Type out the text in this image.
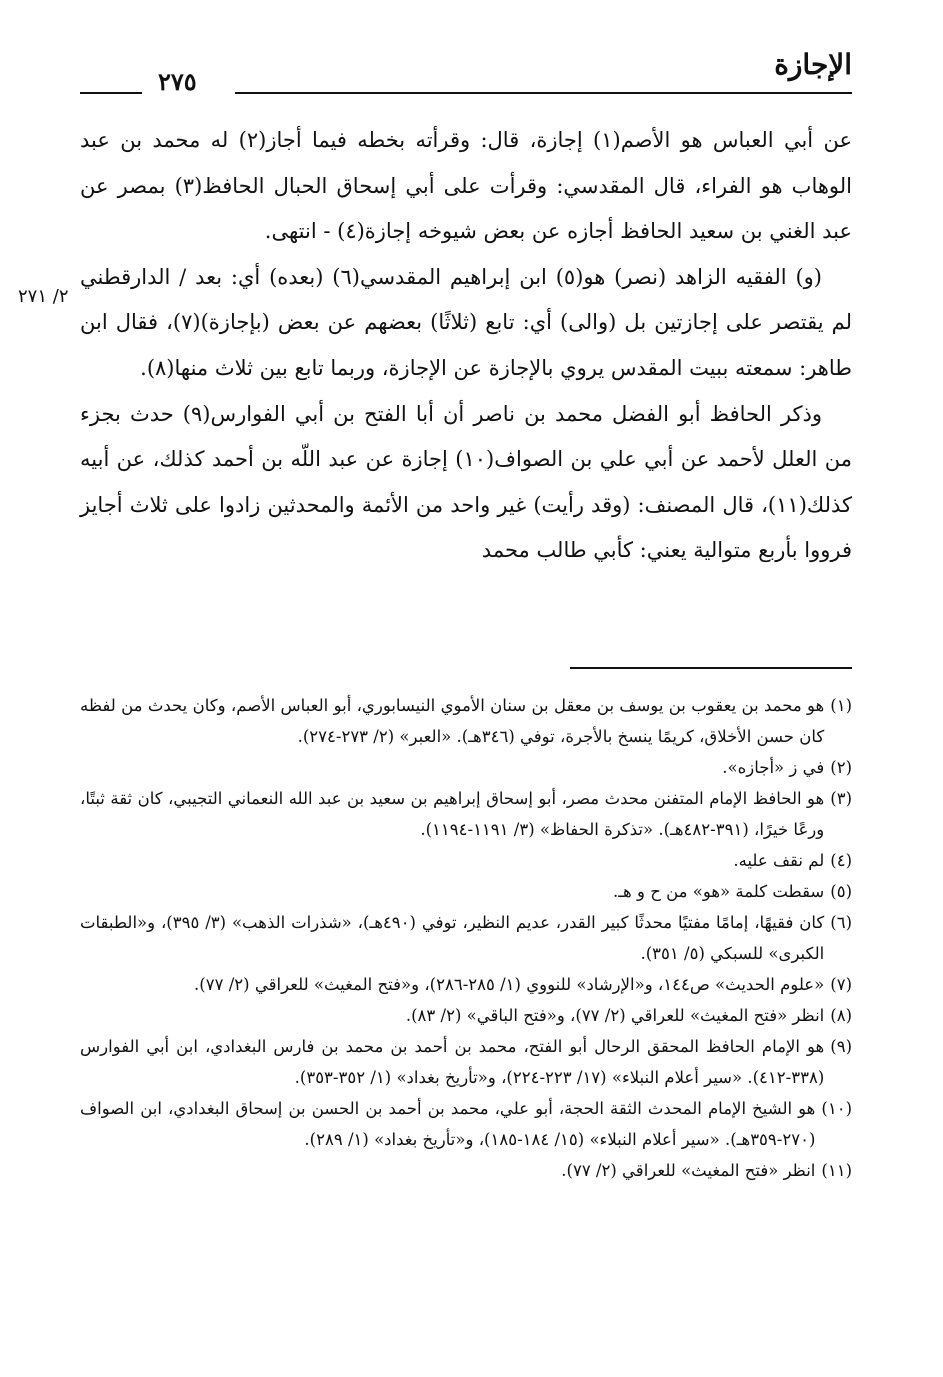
الإجازة
٢٧٥
٢/ ٢٧١

عن أبي العباس هو الأصم(١) إجازة، قال: وقرأته بخطه فيما أجاز(٢) له محمد بن عبد الوهاب هو الفراء، قال المقدسي: وقرأت على أبي إسحاق الحبال الحافظ(٣) بمصر عن عبد الغني بن سعيد الحافظ أجازه عن بعض شيوخه إجازة(٤) - انتهى.

(و) الفقيه الزاهد (نصر) هو(٥) ابن إبراهيم المقدسي(٦) (بعده) أي: بعد / الدارقطني لم يقتصر على إجازتين بل (والى) أي: تابع (ثلاثًا) بعضهم عن بعض (بإجازة)(٧)، فقال ابن طاهر: سمعته ببيت المقدس يروي بالإجازة عن الإجازة، وربما تابع بين ثلاث منها(٨).

وذكر الحافظ أبو الفضل محمد بن ناصر أن أبا الفتح بن أبي الفوارس(٩) حدث بجزء من العلل لأحمد عن أبي علي بن الصواف(١٠) إجازة عن عبد اللّه بن أحمد كذلك، عن أبيه كذلك(١١)، قال المصنف: (وقد رأيت) غير واحد من الأئمة والمحدثين زادوا على ثلاث أجايز فرووا بأربع متوالية يعني: كأبي طالب محمد

(١)
هو محمد بن يعقوب بن يوسف بن معقل بن سنان الأموي النيسابوري، أبو العباس الأصم، وكان يحدث من لفظه كان حسن الأخلاق، كريمًا ينسخ بالأجرة، توفي (٣٤٦هـ). «العبر» (٢/ ٢٧٣-٢٧٤).
(٢)
في ز «أجازه».
(٣)
هو الحافظ الإمام المتفنن محدث مصر، أبو إسحاق إبراهيم بن سعيد بن عبد الله النعماني التجيبي، كان ثقة ثبتًا، ورعًا خيرًا، (٣٩١-٤٨٢هـ). «تذكرة الحفاظ» (٣/ ١١٩١-١١٩٤).
(٤)
لم نقف عليه.
(٥)
سقطت كلمة «هو» من ح و هـ.
(٦)
كان فقيهًا، إمامًا مفتيًا محدثًا كبير القدر، عديم النظير، توفي (٤٩٠هـ)، «شذرات الذهب» (٣/ ٣٩٥)، و«الطبقات الكبرى» للسبكي (٥/ ٣٥١).
(٧)
«علوم الحديث» ص١٤٤، و«الإرشاد» للنووي (١/ ٢٨٥-٢٨٦)، و«فتح المغيث» للعراقي (٢/ ٧٧).
(٨)
انظر «فتح المغيث» للعراقي (٢/ ٧٧)، و«فتح الباقي» (٢/ ٨٣).
(٩)
هو الإمام الحافظ المحقق الرحال أبو الفتح، محمد بن أحمد بن محمد بن فارس البغدادي، ابن أبي الفوارس (٣٣٨-٤١٢). «سير أعلام النبلاء» (١٧/ ٢٢٣-٢٢٤)، و«تأريخ بغداد» (١/ ٣٥٢-٣٥٣).
(١٠)
هو الشيخ الإمام المحدث الثقة الحجة، أبو علي، محمد بن أحمد بن الحسن بن إسحاق البغدادي، ابن الصواف (٢٧٠-٣٥٩هـ). «سير أعلام النبلاء» (١٥/ ١٨٤-١٨٥)، و«تأريخ بغداد» (١/ ٢٨٩).
(١١)
انظر «فتح المغيث» للعراقي (٢/ ٧٧).
